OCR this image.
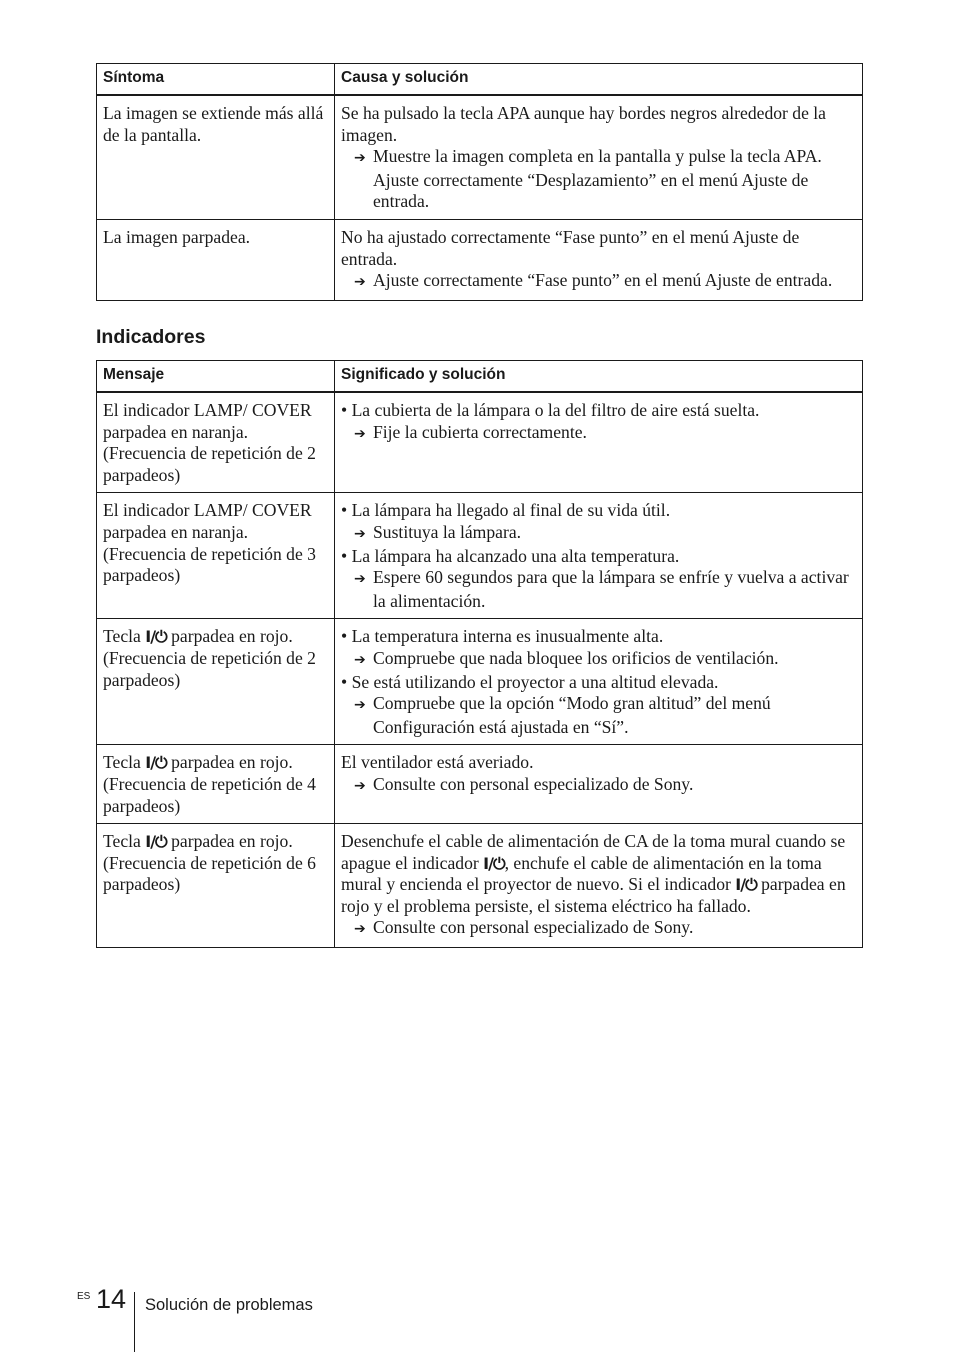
Síntoma	Causa y solución
La imagen se extiende más allá de la pantalla.	Se ha pulsado la tecla APA aunque hay bordes negros alrededor de la imagen.
➔ Muestre la imagen completa en la pantalla y pulse la tecla APA. Ajuste correctamente “Desplazamiento” en el menú Ajuste de entrada.

La imagen parpadea.	No ha ajustado correctamente “Fase punto” en el menú Ajuste de entrada.
➔ Ajuste correctamente “Fase punto” en el menú Ajuste de entrada.
Indicadores
Mensaje	Significado y solución
El indicador LAMP/ COVER parpadea en naranja. (Frecuencia de repetición de 2 parpadeos)	• La cubierta de la lámpara o la del filtro de aire está suelta.
➔ Fije la cubierta correctamente.

El indicador LAMP/ COVER parpadea en naranja. (Frecuencia de repetición de 3 parpadeos)	• La lámpara ha llegado al final de su vida útil.
➔ Sustituya la lámpara.
• La lámpara ha alcanzado una alta temperatura.
➔ Espere 60 segundos para que la lámpara se enfríe y vuelva a activar la alimentación.

Tecla I/⏻ parpadea en rojo. (Frecuencia de repetición de 2 parpadeos)	• La temperatura interna es inusualmente alta.
➔ Compruebe que nada bloquee los orificios de ventilación.
• Se está utilizando el proyector a una altitud elevada.
➔ Compruebe que la opción “Modo gran altitud” del menú Configuración está ajustada en “Sí”.

Tecla I/⏻ parpadea en rojo. (Frecuencia de repetición de 4 parpadeos)	El ventilador está averiado.
➔ Consulte con personal especializado de Sony.

Tecla I/⏻ parpadea en rojo. (Frecuencia de repetición de 6 parpadeos)	Desenchufe el cable de alimentación de CA de la toma mural cuando se apague el indicador I/⏻, enchufe el cable de alimentación en la toma mural y encienda el proyector de nuevo. Si el indicador I/⏻ parpadea en rojo y el problema persiste, el sistema eléctrico ha fallado.
➔ Consulte con personal especializado de Sony.
ES 14 Solución de problemas
